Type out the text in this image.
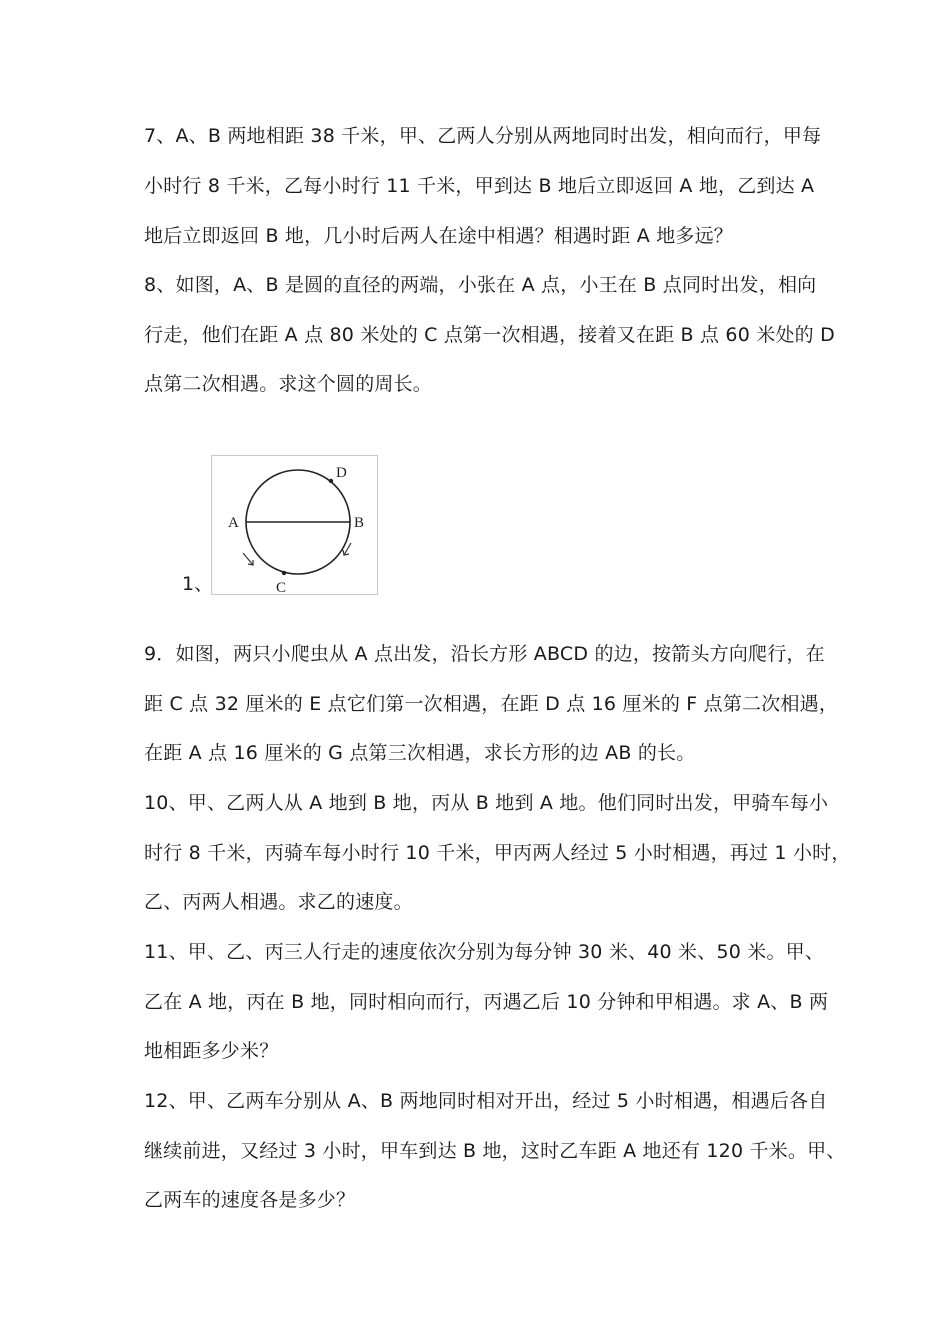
7、A、B 两地相距 38 千米，甲、乙两人分别从两地同时出发，相向而行，甲每
小时行 8 千米，乙每小时行 11 千米，甲到达 B 地后立即返回 A 地，乙到达 A
地后立即返回 B 地，几小时后两人在途中相遇？相遇时距 A 地多远？
8、如图，A、B 是圆的直径的两端，小张在 A 点，小王在 B 点同时出发，相向
行走，他们在距 A 点 80 米处的 C 点第一次相遇，接着又在距 B 点 60 米处的 D
点第二次相遇。求这个圆的周长。
1、
A	B
C
D
9．如图，两只小爬虫从 A 点出发，沿长方形 ABCD 的边，按箭头方向爬行，在
距 C 点 32 厘米的 E 点它们第一次相遇，在距 D 点 16 厘米的 F 点第二次相遇，
在距 A 点 16 厘米的 G 点第三次相遇，求长方形的边 AB 的长。
10、甲、乙两人从 A 地到 B 地，丙从 B 地到 A 地。他们同时出发，甲骑车每小
时行 8 千米，丙骑车每小时行 10 千米，甲丙两人经过 5 小时相遇，再过 1 小时，
乙、丙两人相遇。求乙的速度。
11、甲、乙、丙三人行走的速度依次分别为每分钟 30 米、40 米、50 米。甲、
乙在 A 地，丙在 B 地，同时相向而行，丙遇乙后 10 分钟和甲相遇。求 A、B 两
地相距多少米？
12、甲、乙两车分别从 A、B 两地同时相对开出，经过 5 小时相遇，相遇后各自
继续前进，又经过 3 小时，甲车到达 B 地，这时乙车距 A 地还有 120 千米。甲、
乙两车的速度各是多少？
